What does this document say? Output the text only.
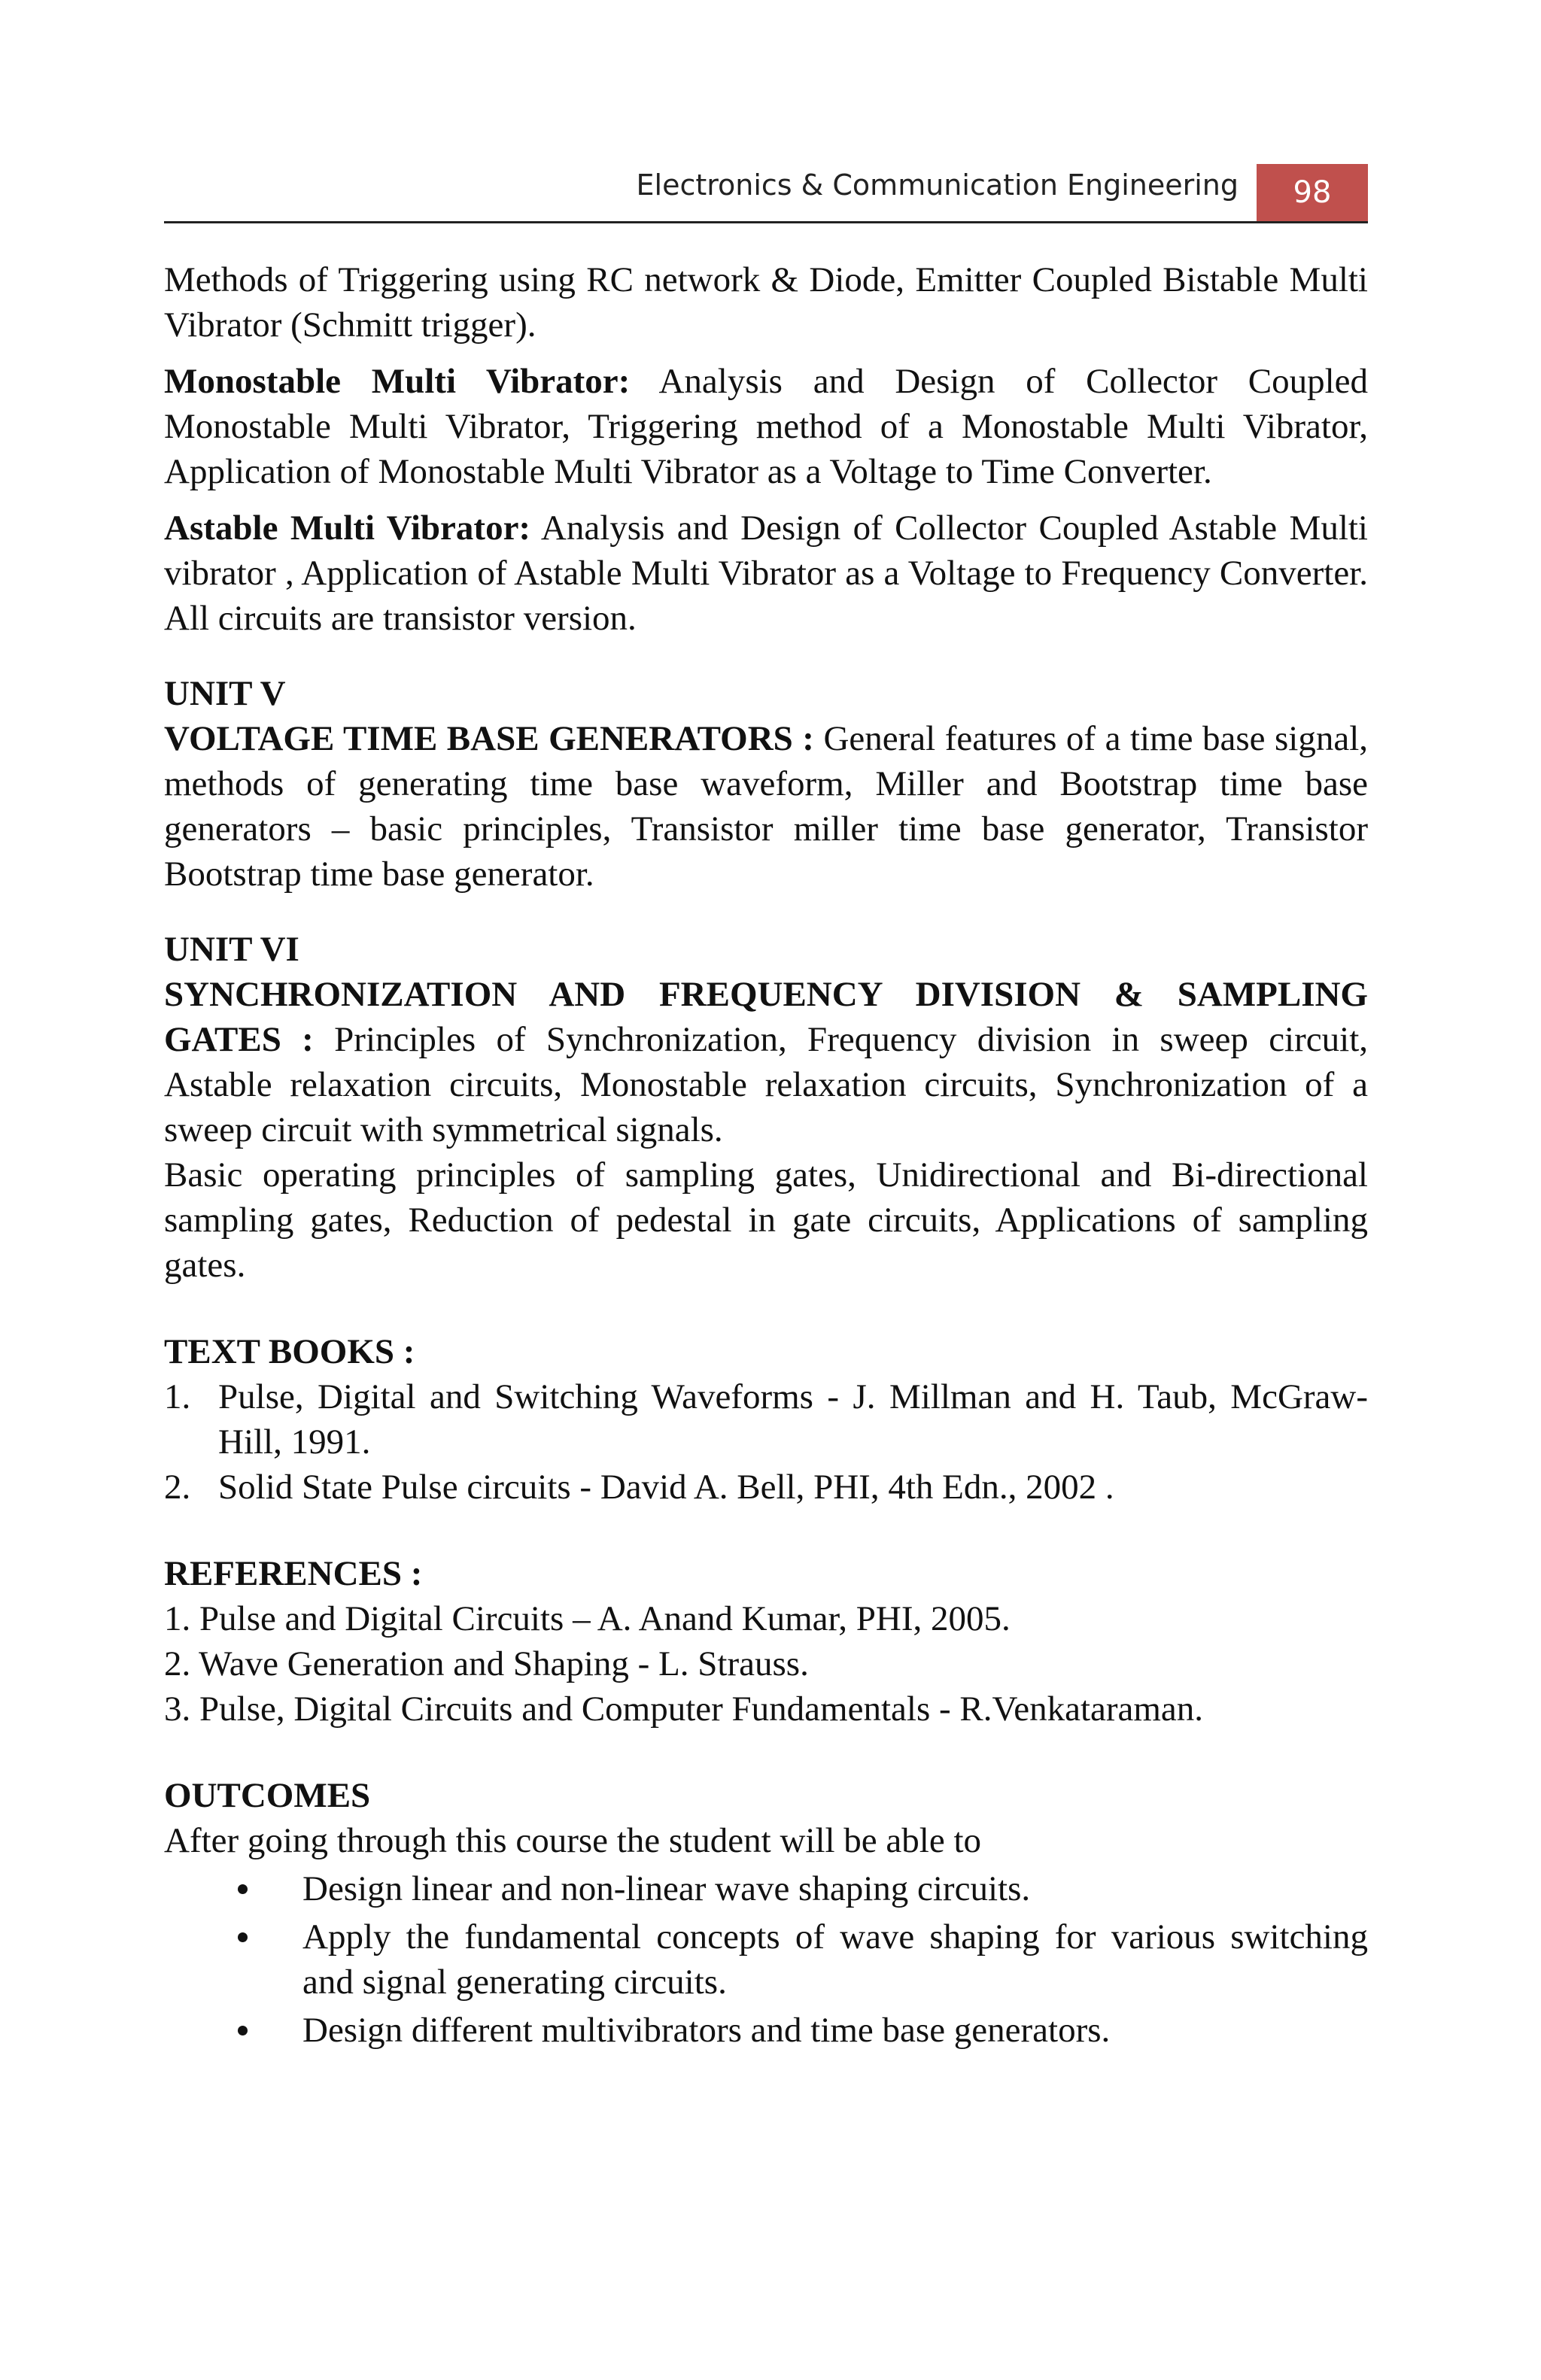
Electronics & Communication Engineering	98

Methods of Triggering using RC network & Diode, Emitter Coupled Bistable Multi Vibrator (Schmitt trigger).

Monostable Multi Vibrator: Analysis and Design of Collector Coupled Monostable Multi Vibrator, Triggering method of a Monostable Multi Vibrator, Application of Monostable Multi Vibrator as a Voltage to Time Converter.

Astable Multi Vibrator: Analysis and Design of Collector Coupled Astable Multi vibrator , Application of Astable Multi Vibrator as a Voltage to Frequency Converter. All circuits are transistor version.

UNIT V

VOLTAGE TIME BASE GENERATORS : General features of a time base signal, methods of generating time base waveform, Miller and Bootstrap time base generators – basic principles, Transistor miller time base generator, Transistor Bootstrap time base generator.

UNIT VI

SYNCHRONIZATION AND FREQUENCY DIVISION & SAMPLING GATES : Principles of Synchronization, Frequency division in sweep circuit, Astable relaxation circuits, Monostable relaxation circuits, Synchronization of a sweep circuit with symmetrical signals.

Basic operating principles of sampling gates, Unidirectional and Bi-directional sampling gates, Reduction of pedestal in gate circuits, Applications of sampling gates.

TEXT BOOKS :

1. Pulse, Digital and Switching Waveforms - J. Millman and H. Taub, McGraw-Hill, 1991.
2. Solid State Pulse circuits - David A. Bell, PHI, 4th Edn., 2002 .

REFERENCES :

1. Pulse and Digital Circuits – A. Anand Kumar, PHI, 2005.

2. Wave Generation and Shaping - L. Strauss.

3. Pulse, Digital Circuits and Computer Fundamentals - R.Venkataraman.

OUTCOMES

After going through this course the student will be able to

Design linear and non-linear wave shaping circuits.
Apply the fundamental concepts of wave shaping for various switching and signal generating circuits.
Design different multivibrators and time base generators.
